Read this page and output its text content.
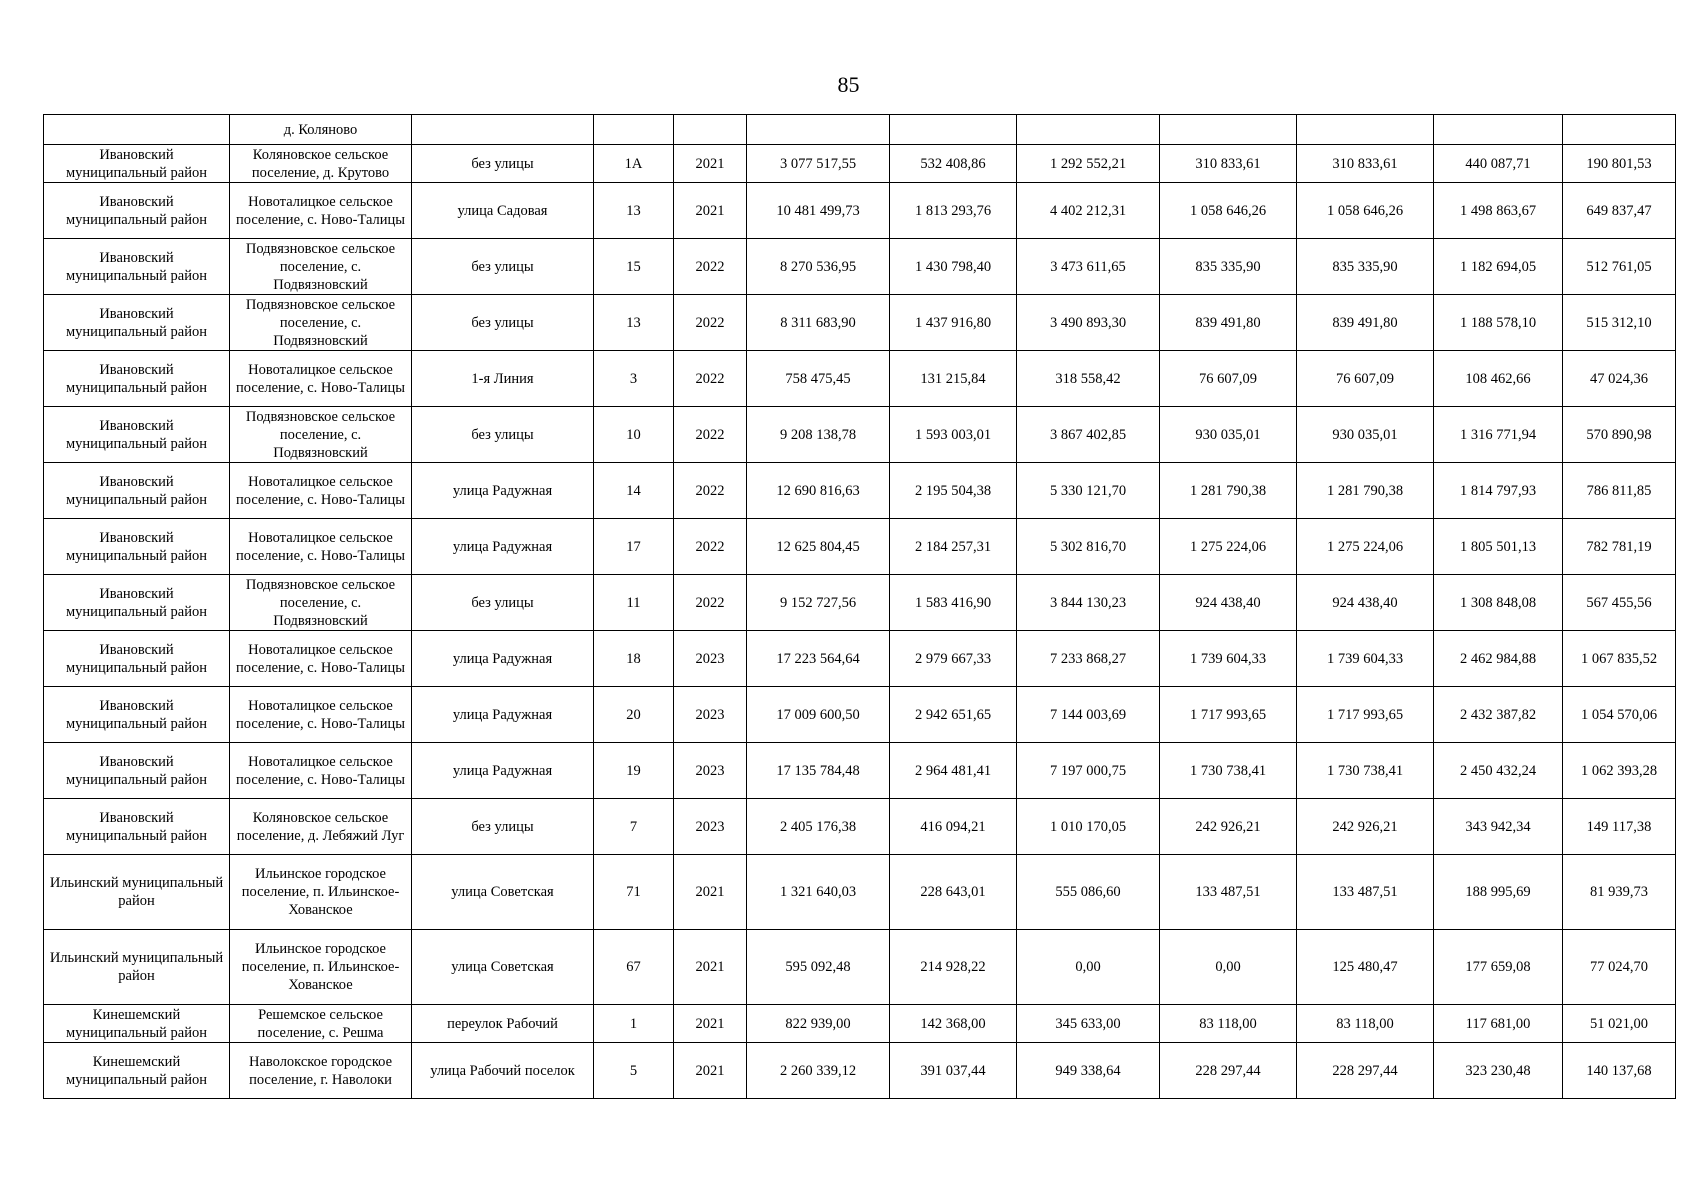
85
	д. Коляново										
Ивановский муниципальный район	Коляновское сельское поселение, д. Крутово	без улицы	1А	2021	3 077 517,55	532 408,86	1 292 552,21	310 833,61	310 833,61	440 087,71	190 801,53
Ивановский муниципальный район	Новоталицкое сельское поселение, с. Ново-Талицы	улица Садовая	13	2021	10 481 499,73	1 813 293,76	4 402 212,31	1 058 646,26	1 058 646,26	1 498 863,67	649 837,47
Ивановский муниципальный район	Подвязновское сельское поселение, с. Подвязновский	без улицы	15	2022	8 270 536,95	1 430 798,40	3 473 611,65	835 335,90	835 335,90	1 182 694,05	512 761,05
Ивановский муниципальный район	Подвязновское сельское поселение, с. Подвязновский	без улицы	13	2022	8 311 683,90	1 437 916,80	3 490 893,30	839 491,80	839 491,80	1 188 578,10	515 312,10
Ивановский муниципальный район	Новоталицкое сельское поселение, с. Ново-Талицы	1-я Линия	3	2022	758 475,45	131 215,84	318 558,42	76 607,09	76 607,09	108 462,66	47 024,36
Ивановский муниципальный район	Подвязновское сельское поселение, с. Подвязновский	без улицы	10	2022	9 208 138,78	1 593 003,01	3 867 402,85	930 035,01	930 035,01	1 316 771,94	570 890,98
Ивановский муниципальный район	Новоталицкое сельское поселение, с. Ново-Талицы	улица Радужная	14	2022	12 690 816,63	2 195 504,38	5 330 121,70	1 281 790,38	1 281 790,38	1 814 797,93	786 811,85
Ивановский муниципальный район	Новоталицкое сельское поселение, с. Ново-Талицы	улица Радужная	17	2022	12 625 804,45	2 184 257,31	5 302 816,70	1 275 224,06	1 275 224,06	1 805 501,13	782 781,19
Ивановский муниципальный район	Подвязновское сельское поселение, с. Подвязновский	без улицы	11	2022	9 152 727,56	1 583 416,90	3 844 130,23	924 438,40	924 438,40	1 308 848,08	567 455,56
Ивановский муниципальный район	Новоталицкое сельское поселение, с. Ново-Талицы	улица Радужная	18	2023	17 223 564,64	2 979 667,33	7 233 868,27	1 739 604,33	1 739 604,33	2 462 984,88	1 067 835,52
Ивановский муниципальный район	Новоталицкое сельское поселение, с. Ново-Талицы	улица Радужная	20	2023	17 009 600,50	2 942 651,65	7 144 003,69	1 717 993,65	1 717 993,65	2 432 387,82	1 054 570,06
Ивановский муниципальный район	Новоталицкое сельское поселение, с. Ново-Талицы	улица Радужная	19	2023	17 135 784,48	2 964 481,41	7 197 000,75	1 730 738,41	1 730 738,41	2 450 432,24	1 062 393,28
Ивановский муниципальный район	Коляновское сельское поселение, д. Лебяжий Луг	без улицы	7	2023	2 405 176,38	416 094,21	1 010 170,05	242 926,21	242 926,21	343 942,34	149 117,38
Ильинский муниципальный район	Ильинское городское поселение, п. Ильинское-Хованское	улица Советская	71	2021	1 321 640,03	228 643,01	555 086,60	133 487,51	133 487,51	188 995,69	81 939,73
Ильинский муниципальный район	Ильинское городское поселение, п. Ильинское-Хованское	улица Советская	67	2021	595 092,48	214 928,22	0,00	0,00	125 480,47	177 659,08	77 024,70
Кинешемский муниципальный район	Решемское сельское поселение, с. Решма	переулок Рабочий	1	2021	822 939,00	142 368,00	345 633,00	83 118,00	83 118,00	117 681,00	51 021,00
Кинешемский муниципальный район	Наволокское городское поселение, г. Наволоки	улица Рабочий поселок	5	2021	2 260 339,12	391 037,44	949 338,64	228 297,44	228 297,44	323 230,48	140 137,68
